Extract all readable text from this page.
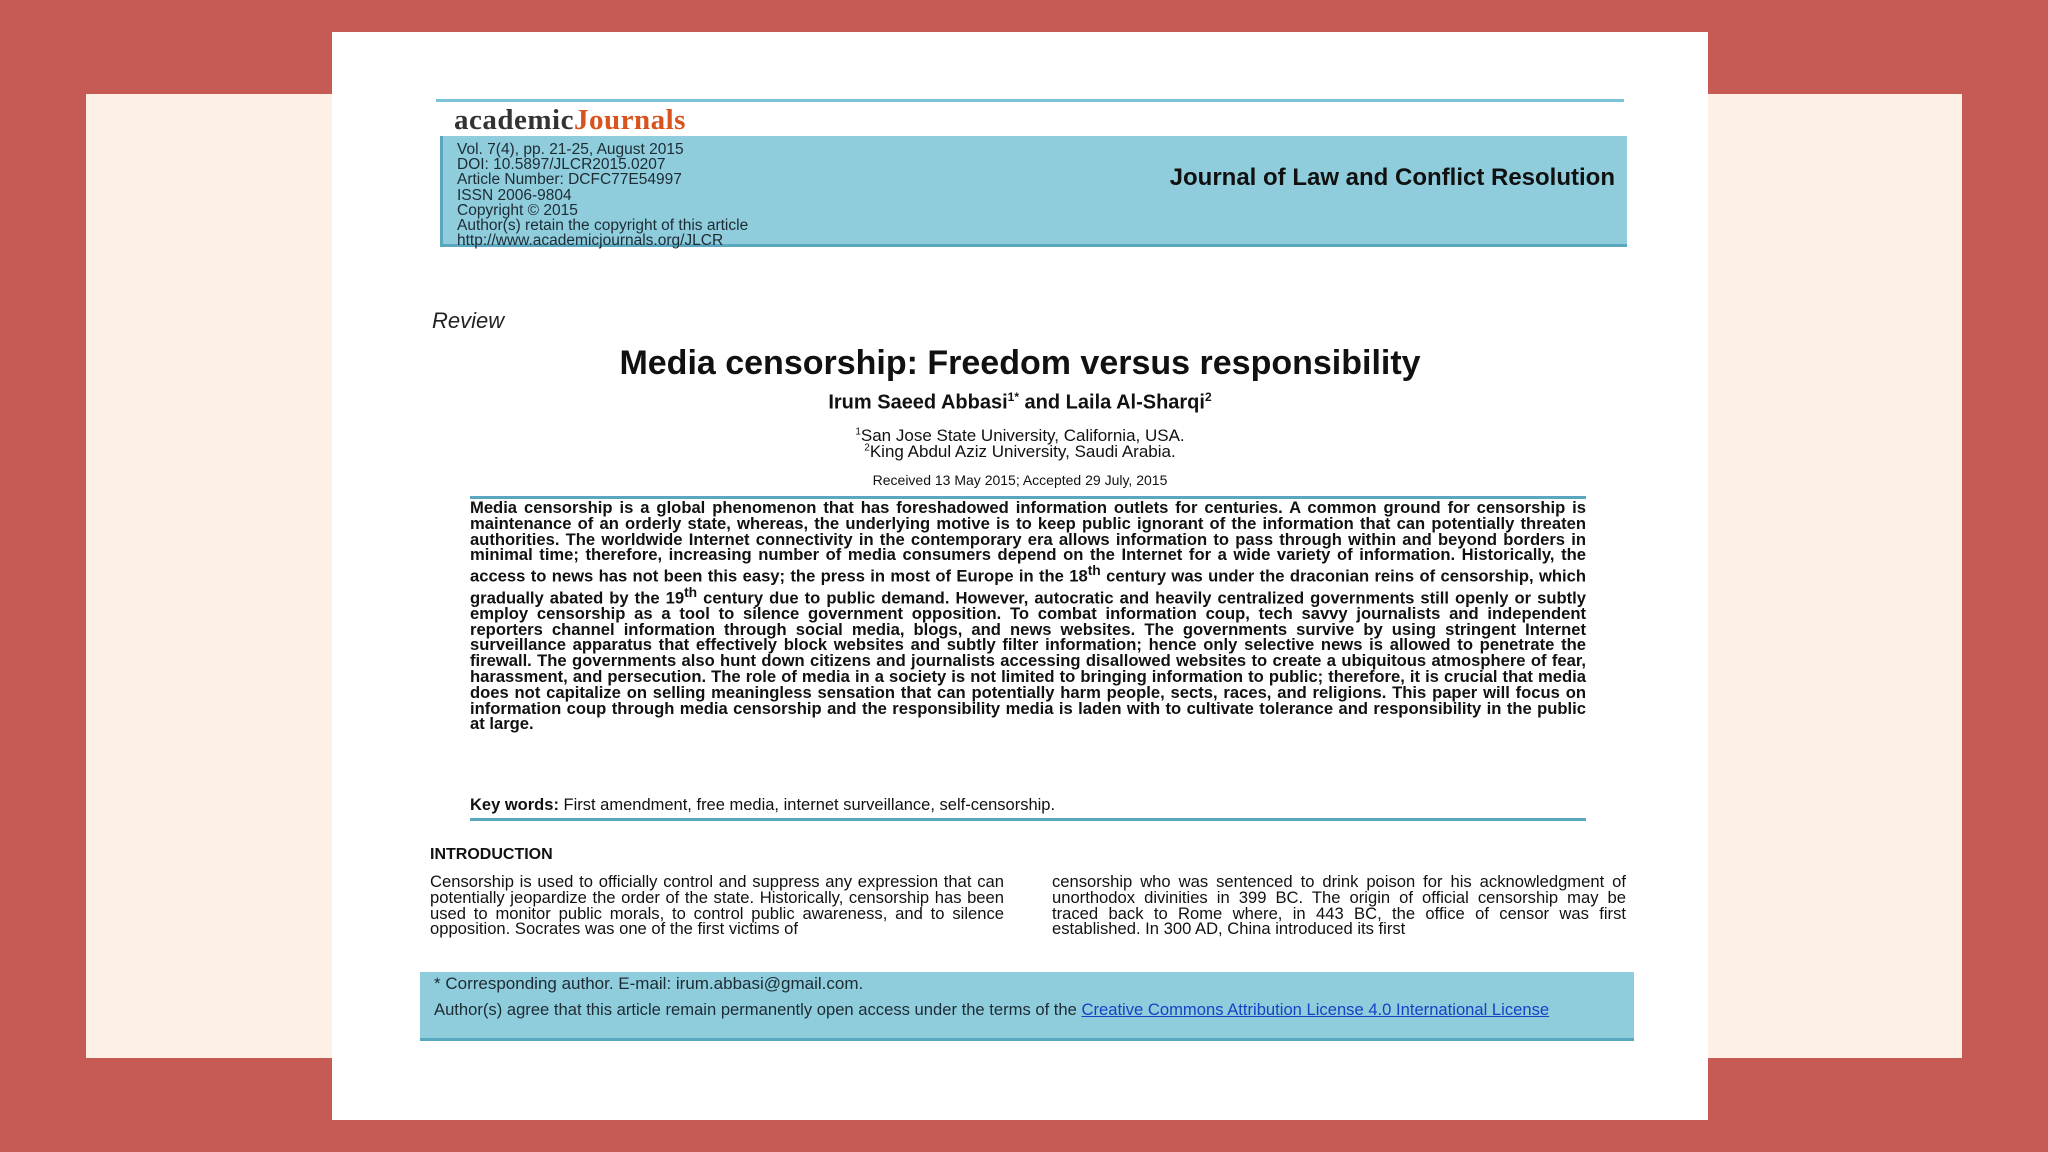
academicJournals
Vol. 7(4), pp. 21-25, August 2015
DOI: 10.5897/JLCR2015.0207
Article Number: DCFC77E54997
ISSN 2006-9804
Copyright © 2015
Author(s) retain the copyright of this article
http://www.academicjournals.org/JLCR
Journal of Law and Conflict Resolution
Review
Media censorship: Freedom versus responsibility
Irum Saeed Abbasi$^{1*}$ and Laila Al-Sharqi$^2$
$^1$San Jose State University, California, USA.
$^2$King Abdul Aziz University, Saudi Arabia.
Received 13 May 2015; Accepted 29 July, 2015

Media censorship is a global phenomenon that has foreshadowed information outlets for centuries. A common ground for censorship is maintenance of an orderly state, whereas, the underlying motive is to keep public ignorant of the information that can potentially threaten authorities. The worldwide Internet connectivity in the contemporary era allows information to pass through within and beyond borders in minimal time; therefore, increasing number of media consumers depend on the Internet for a wide variety of information. Historically, the access to news has not been this easy; the press in most of Europe in the 18th century was under the draconian reins of censorship, which gradually abated by the 19th century due to public demand. However, autocratic and heavily centralized governments still openly or subtly employ censorship as a tool to silence government opposition. To combat information coup, tech savvy journalists and independent reporters channel information through social media, blogs, and news websites. The governments survive by using stringent Internet surveillance apparatus that effectively block websites and subtly filter information; hence only selective news is allowed to penetrate the firewall. The governments also hunt down citizens and journalists accessing disallowed websites to create a ubiquitous atmosphere of fear, harassment, and persecution. The role of media in a society is not limited to bringing information to public; therefore, it is crucial that media does not capitalize on selling meaningless sensation that can potentially harm people, sects, races, and religions. This paper will focus on information coup through media censorship and the responsibility media is laden with to cultivate tolerance and responsibility in the public at large.

Key words: First amendment, free media, internet surveillance, self-censorship.
INTRODUCTION

Censorship is used to officially control and suppress any expression that can potentially jeopardize the order of the state. Historically, censorship has been used to monitor public morals, to control public awareness, and to silence opposition. Socrates was one of the first victims of

censorship who was sentenced to drink poison for his acknowledgment of unorthodox divinities in 399 BC. The origin of official censorship may be traced back to Rome where, in 443 BC, the office of censor was first established. In 300 AD, China introduced its first

* Corresponding author. E-mail: irum.abbasi@gmail.com.
Author(s) agree that this article remain permanently open access under the terms of the Creative Commons Attribution License 4.0 International License
